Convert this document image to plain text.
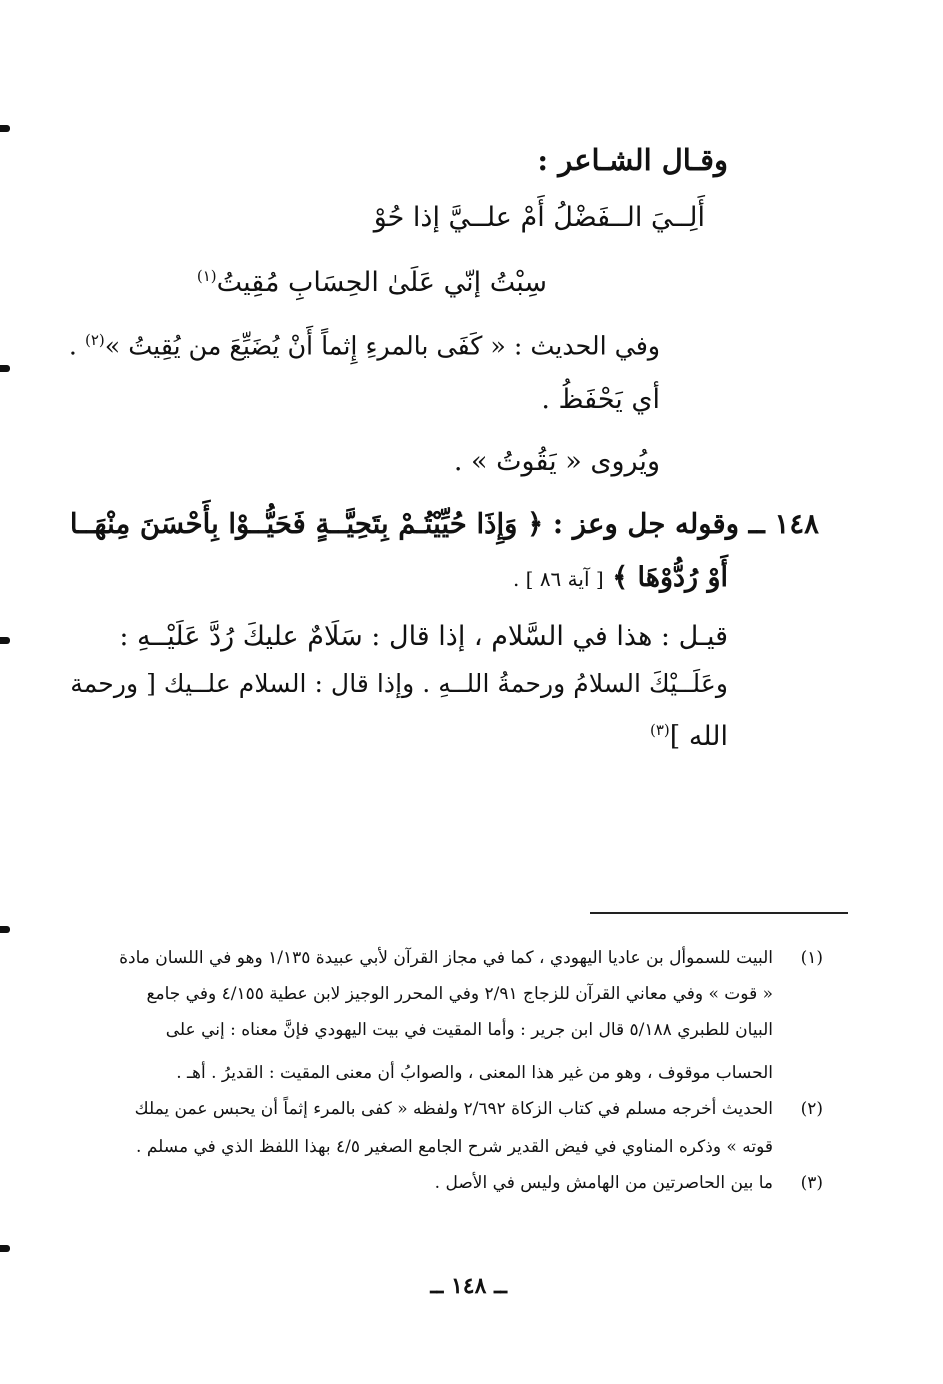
وقـال الشـاعر :
أَلِــيَ الــفَضْلُ أَمْ علــيَّ إذا حُوْ
سِبْتُ إنّي عَلَىٰ الحِسَابِ مُقِيتُ$^{(١)}$
وفي الحديث : « كَفَى بالمرءِ إِثماً أَنْ يُضَيِّعَ من يُقِيتُ »$^{(٢)}$ .
أي يَحْفَظُ .
ويُروى « يَقُوتُ » .
١٤٨ ــ وقوله جل وعز : ﴿ وَإِذَا حُيِّيْتُـمْ بِتَحِيَّــةٍ فَحَيُّــوْا بِأَحْسَنَ مِنْهَــا
أَوْ رُدُّوْهَا ﴾ [ آية ٨٦ ] .
قيـل : هذا في السَّلام ، إذا قال : سَلَامٌ عليكَ رُدَّ عَلَيْــهِ :
وعَلَــيْكَ السلامُ ورحمةُ اللــهِ . وإذا قال : السلام علــيك [ ورحمة
الله ]$^{(٣)}$
(١)
البيت للسموأل بن عاديا اليهودي ، كما في مجاز القرآن لأبي عبيدة ١/١٣٥ وهو في اللسان مادة
« قوت » وفي معاني القرآن للزجاج ٢/٩١ وفي المحرر الوجيز لابن عطية ٤/١٥٥ وفي جامع
البيان للطبري ٥/١٨٨ قال ابن جرير : وأما المقيت في بيت اليهودي فإنَّ معناه : إني على
الحساب موقوف ، وهو من غير هذا المعنى ، والصوابُ أن معنى المقيت : القديرُ . أهـ .
(٢)
الحديث أخرجه مسلم في كتاب الزكاة ٢/٦٩٢ ولفظه « كفى بالمرء إثماً أن يحبس عمن يملك
قوته » وذكره المناوي في فيض القدير شرح الجامع الصغير ٤/٥ بهذا اللفظ الذي في مسلم .
(٣)
ما بين الحاصرتين من الهامش وليس في الأصل .
ــ ١٤٨ ــ
